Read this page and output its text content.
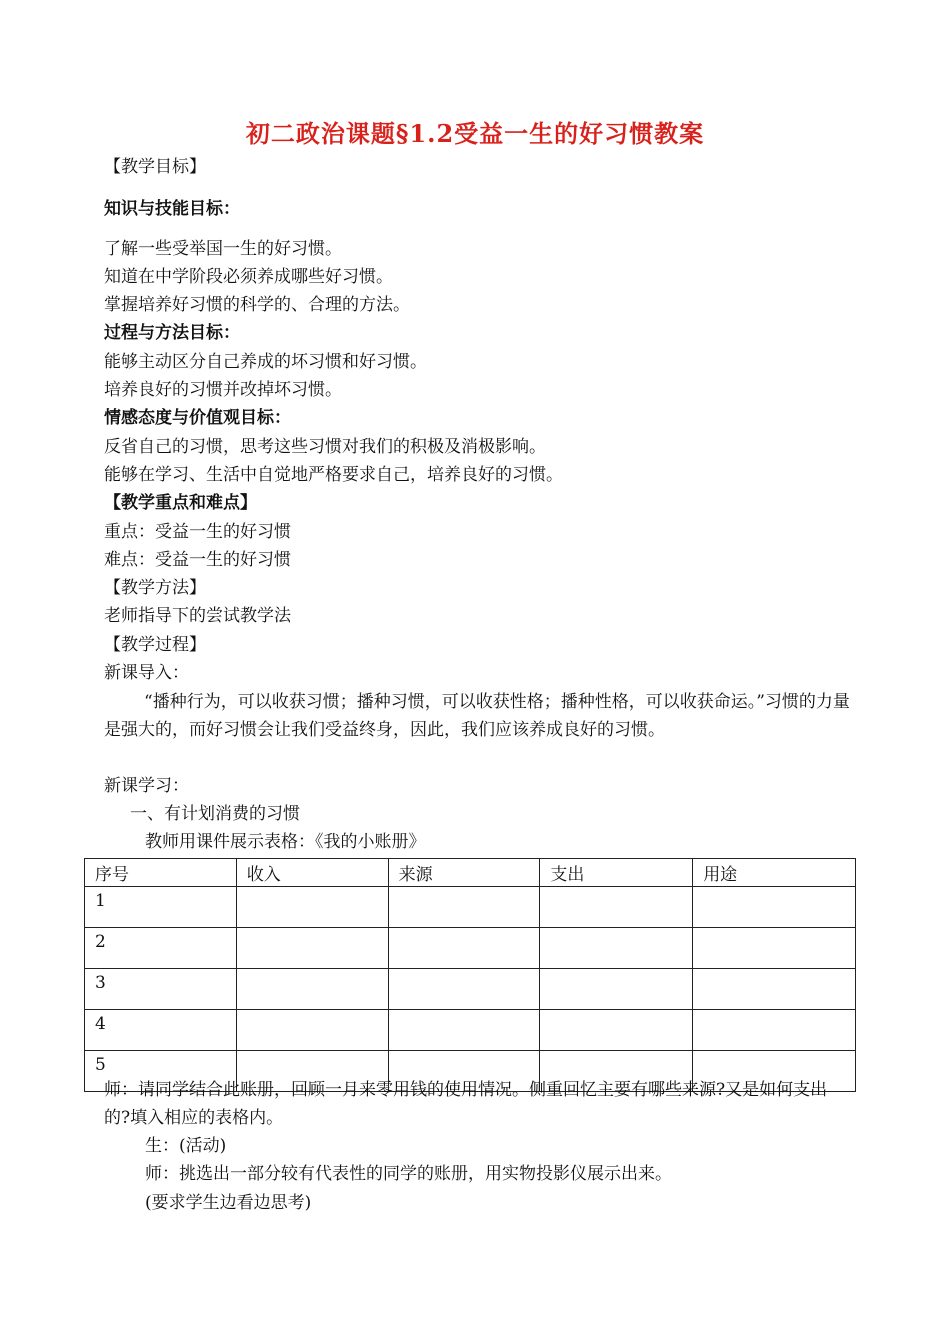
初二政治课题§1.2受益一生的好习惯教案
【教学目标】
知识与技能目标：
了解一些受举国一生的好习惯。
知道在中学阶段必须养成哪些好习惯。
掌握培养好习惯的科学的、合理的方法。
过程与方法目标：
能够主动区分自己养成的坏习惯和好习惯。
培养良好的习惯并改掉坏习惯。
情感态度与价值观目标：
反省自己的习惯，思考这些习惯对我们的积极及消极影响。
能够在学习、生活中自觉地严格要求自己，培养良好的习惯。
【教学重点和难点】
重点：受益一生的好习惯
难点：受益一生的好习惯
【教学方法】
老师指导下的尝试教学法
【教学过程】
新课导入：
“播种行为，可以收获习惯；播种习惯，可以收获性格；播种性格，可以收获命运。”习惯的力量是强大的，而好习惯会让我们受益终身，因此，我们应该养成良好的习惯。
新课学习：
一、有计划消费的习惯
教师用课件展示表格：《我的小账册》
序号	收入	来源	支出	用途
1				
2				
3				
4				
5				
师：请同学结合此账册，回顾一月来零用钱的使用情况。侧重回忆主要有哪些来源?又是如何支出的?填入相应的表格内。
生：(活动)
师：挑选出一部分较有代表性的同学的账册，用实物投影仪展示出来。
(要求学生边看边思考)
